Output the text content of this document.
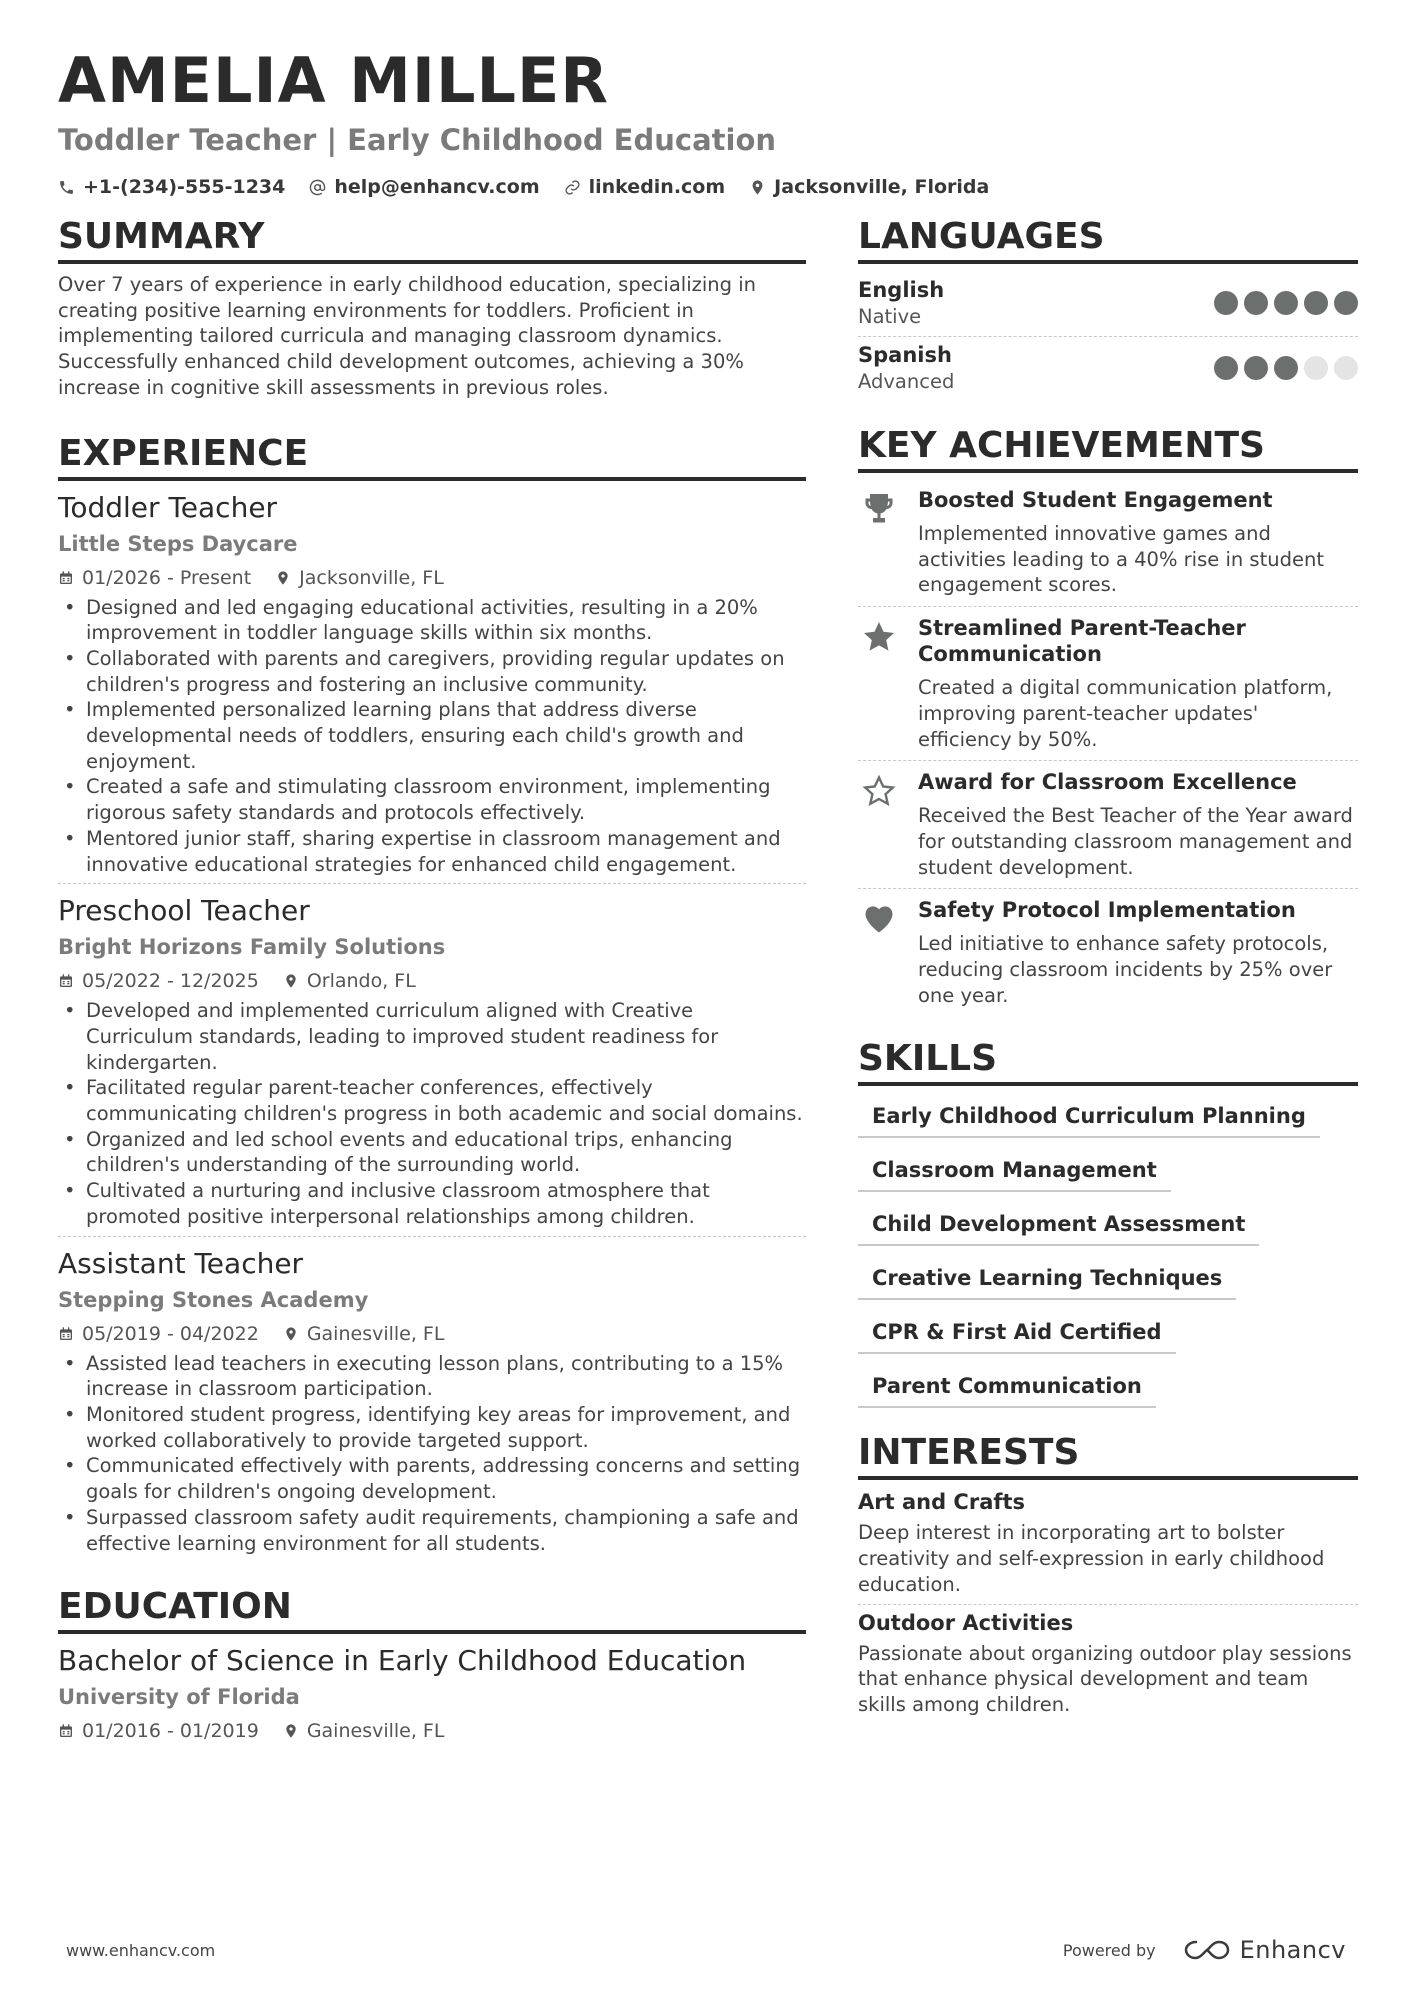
AMELIA MILLER
Toddler Teacher | Early Childhood Education
+1-(234)-555-1234	help@enhancv.com	linkedin.com	Jacksonville, Florida
SUMMARY
Over 7 years of experience in early childhood education, specializing in creating positive learning environments for toddlers. Proficient in implementing tailored curricula and managing classroom dynamics. Successfully enhanced child development outcomes, achieving a 30% increase in cognitive skill assessments in previous roles.
EXPERIENCE
Toddler Teacher
Little Steps Daycare
01/2026 - Present	Jacksonville, FL
• Designed and led engaging educational activities, resulting in a 20% improvement in toddler language skills within six months.
• Collaborated with parents and caregivers, providing regular updates on children's progress and fostering an inclusive community.
• Implemented personalized learning plans that address diverse developmental needs of toddlers, ensuring each child's growth and enjoyment.
• Created a safe and stimulating classroom environment, implementing rigorous safety standards and protocols effectively.
• Mentored junior staff, sharing expertise in classroom management and innovative educational strategies for enhanced child engagement.
Preschool Teacher
Bright Horizons Family Solutions
05/2022 - 12/2025	Orlando, FL
• Developed and implemented curriculum aligned with Creative Curriculum standards, leading to improved student readiness for kindergarten.
• Facilitated regular parent-teacher conferences, effectively communicating children's progress in both academic and social domains.
• Organized and led school events and educational trips, enhancing children's understanding of the surrounding world.
• Cultivated a nurturing and inclusive classroom atmosphere that promoted positive interpersonal relationships among children.
Assistant Teacher
Stepping Stones Academy
05/2019 - 04/2022	Gainesville, FL
• Assisted lead teachers in executing lesson plans, contributing to a 15% increase in classroom participation.
• Monitored student progress, identifying key areas for improvement, and worked collaboratively to provide targeted support.
• Communicated effectively with parents, addressing concerns and setting goals for children's ongoing development.
• Surpassed classroom safety audit requirements, championing a safe and effective learning environment for all students.
EDUCATION
Bachelor of Science in Early Childhood Education
University of Florida
01/2016 - 01/2019	Gainesville, FL
LANGUAGES
English
Native
Spanish
Advanced
KEY ACHIEVEMENTS
Boosted Student Engagement
Implemented innovative games and activities leading to a 40% rise in student engagement scores.
Streamlined Parent-Teacher Communication
Created a digital communication platform, improving parent-teacher updates' efficiency by 50%.
Award for Classroom Excellence
Received the Best Teacher of the Year award for outstanding classroom management and student development.
Safety Protocol Implementation
Led initiative to enhance safety protocols, reducing classroom incidents by 25% over one year.
SKILLS
Early Childhood Curriculum Planning
Classroom Management
Child Development Assessment
Creative Learning Techniques
CPR & First Aid Certified
Parent Communication
INTERESTS
Art and Crafts
Deep interest in incorporating art to bolster creativity and self-expression in early childhood education.
Outdoor Activities
Passionate about organizing outdoor play sessions that enhance physical development and team skills among children.
www.enhancv.com	Powered by	Enhancv
